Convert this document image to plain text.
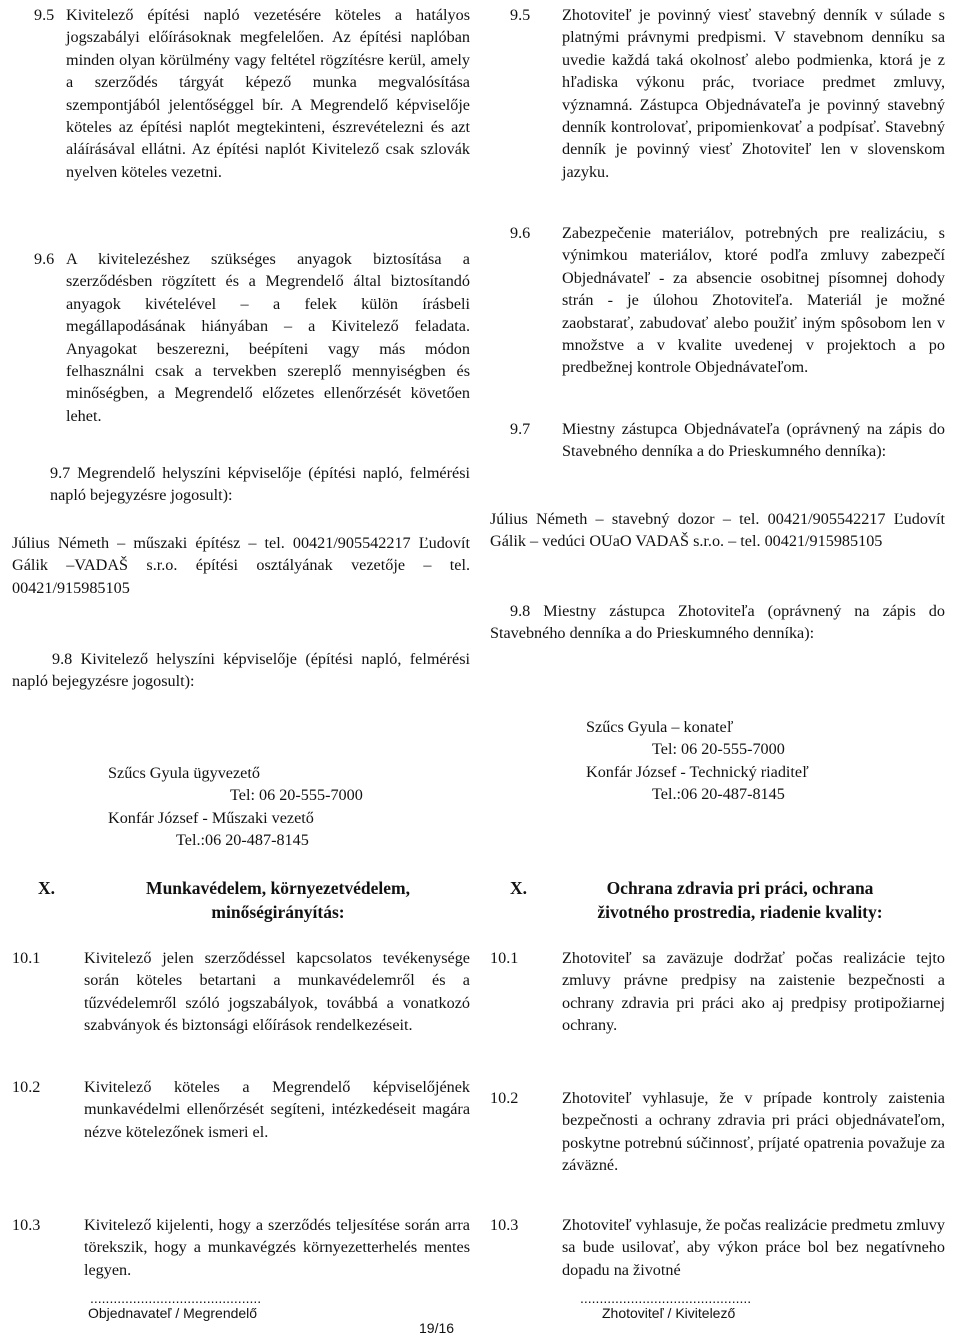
9.5 Kivitelező építési napló vezetésére köteles a hatályos jogszabályi előírásoknak megfelelően. Az építési naplóban minden olyan körülmény vagy feltétel rögzítésre kerül, amely a szerződés tárgyát képező munka megvalósítása szempontjából jelentőséggel bír. A Megrendelő képviselője köteles az építési naplót megtekinteni, észrevételezni és azt aláírásával ellátni. Az építési naplót Kivitelező csak szlovák nyelven köteles vezetni.
9.6 A kivitelezéshez szükséges anyagok biztosítása a szerződésben rögzített és a Megrendelő által biztosítandó anyagok kivételével – a felek külön írásbeli megállapodásának hiányában – a Kivitelező feladata. Anyagokat beszerezni, beépíteni vagy más módon felhasználni csak a tervekben szereplő mennyiségben és minőségben, a Megrendelő előzetes ellenőrzését követően lehet.
9.7 Megrendelő helyszíni képviselője (építési napló, felmérési napló bejegyzésre jogosult):
Július Németh – műszaki építész – tel. 00421/905542217 Ľudovít Gálik –VADAŠ s.r.o. építési osztályának vezetője – tel. 00421/915985105
9.8 Kivitelező helyszíni képviselője (építési napló, felmérési napló bejegyzésre jogosult):
Szűcs Gyula ügyvezető
Tel: 06 20-555-7000
Konfár József - Műszaki vezető
Tel.:06 20-487-8145
X.	Munkavédelem, környezetvédelem,
minőségirányítás:
10.1	Kivitelező jelen szerződéssel kapcsolatos tevékenysége során köteles betartani a munkavédelemről és a tűzvédelemről szóló jogszabályok, továbbá a vonatkozó szabványok és biztonsági előírások rendelkezéseit.
10.2	Kivitelező köteles a Megrendelő képviselőjének munkavédelmi ellenőrzését segíteni, intézkedéseit magára nézve kötelezőnek ismeri el.
10.3	Kivitelező kijelenti, hogy a szerződés teljesítése során arra törekszik, hogy a munkavégzés környezetterhelés mentes legyen.
............................................
Objednavateľ / Megrendelő
9.5 Zhotoviteľ je povinný viesť stavebný denník v súlade s platnými právnymi predpismi. V stavebnom denníku sa uvedie každá taká okolnosť alebo podmienka, ktorá je z hľadiska výkonu prác, tvoriace predmet zmluvy, významná. Zástupca Objednávateľa je povinný stavebný denník kontrolovať, pripomienkovať a podpísať. Stavebný denník je povinný viesť Zhotoviteľ len v slovenskom jazyku.
9.6 Zabezpečenie materiálov, potrebných pre realizáciu, s výnimkou materiálov, ktoré podľa zmluvy zabezpečí Objednávateľ - za absencie osobitnej písomnej dohody strán - je úlohou Zhotoviteľa. Materiál je možné zaobstarať, zabudovať alebo použiť iným spôsobom len v množstve a v kvalite uvedenej v projektoch a po predbežnej kontrole Objednávateľom.
9.7 Miestny zástupca Objednávateľa (oprávnený na zápis do Stavebného denníka a do Prieskumného denníka):
Július Németh – stavebný dozor – tel. 00421/905542217 Ľudovít Gálik – vedúci OUaO VADAŠ s.r.o. – tel. 00421/915985105
9.8 Miestny zástupca Zhotoviteľa (oprávnený na zápis do Stavebného denníka a do Prieskumného denníka):
Szűcs Gyula – konateľ
Tel: 06 20-555-7000
Konfár József - Technický riaditeľ
Tel.:06 20-487-8145
X.	Ochrana zdravia pri práci, ochrana
životného prostredia, riadenie kvality:
10.1	Zhotoviteľ sa zaväzuje dodržať počas realizácie tejto zmluvy právne predpisy na zaistenie bezpečnosti a ochrany zdravia pri práci ako aj predpisy protipožiarnej ochrany.
10.2	Zhotoviteľ vyhlasuje, že v prípade kontroly zaistenia bezpečnosti a ochrany zdravia pri práci objednávateľom, poskytne potrebnú súčinnosť, príjaté opatrenia považuje za záväzné.
10.3	Zhotoviteľ vyhlasuje, že počas realizácie predmetu zmluvy sa bude usilovať, aby výkon práce bol bez negatívneho dopadu na životné
............................................
Zhotoviteľ / Kivitelező
19/16
